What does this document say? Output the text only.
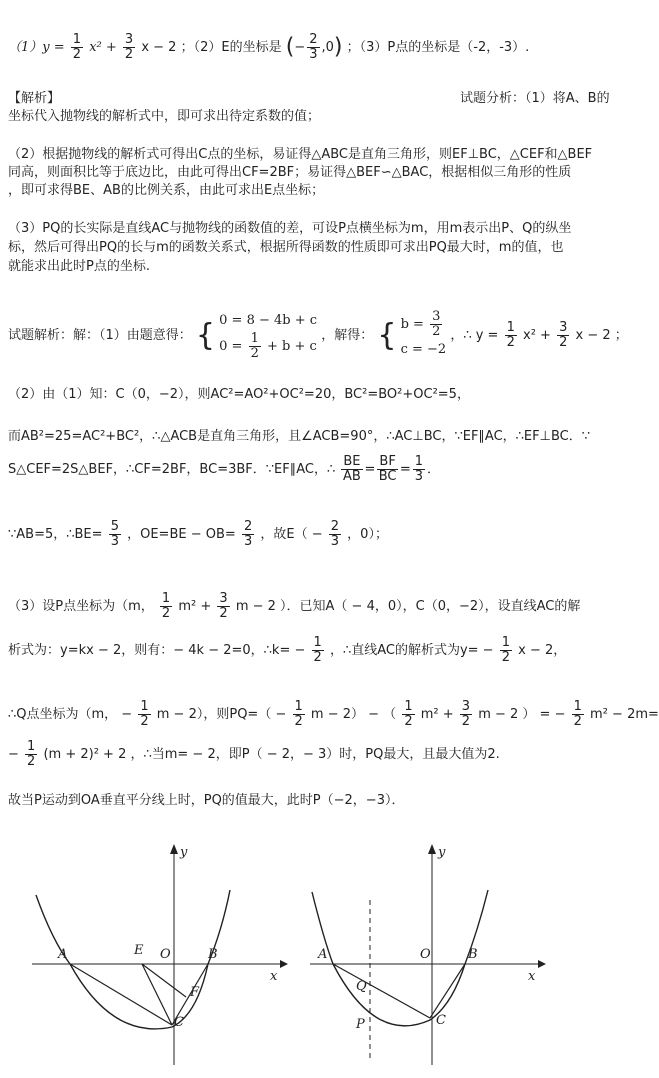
$(1)y = \frac{1}{2} x^2 + \frac{3}{2}$ x − 2 ；（2）E的坐标是 (− $\frac{2}{3} ,0$) ；（3）P点的坐标是（-2，-3）.
【解析】	试题分析：（1）将A、B的
坐标代入抛物线的解析式中，即可求出待定系数的值；
（2）根据抛物线的解析式可得出C点的坐标，易证得△ABC是直角三角形，则EF⊥BC，△CEF和△BEF
同高，则面积比等于底边比，由此可得出CF=2BF；易证得△BEF∽△BAC，根据相似三角形的性质
，即可求得BE、AB的比例关系，由此可求出E点坐标；
（3）PQ的长实际是直线AC与抛物线的函数值的差，可设P点横坐标为m，用m表示出P、Q的纵坐
标，然后可得出PQ的长与m的函数关系式，根据所得函数的性质即可求出PQ最大时，m的值，也
就能求出此时P点的坐标.
试题解析：解：（1）由题意得： { 0 = 8 − 4b + c
$0 = \frac{1}{2} + b + c$
，解得： { $b = \frac{3}{2}$
c = −2
，∴ $y = \frac{1}{2} x^2 + \frac{3}{2}$ x − 2 ；
（2）由（1）知：C（0，−2），则AC²=AO²+OC²=20，BC²=BO²+OC²=5，
而AB²=25=AC²+BC²，∴△ACB是直角三角形，且∠ACB=90°，∴AC⊥BC，∵EF∥AC，∴EF⊥BC．∵
S△CEF=2S△BEF，∴CF=2BF，BC=3BF．∵EF∥AC，∴ $\frac{BE}{AB} = \frac{BF}{BC} = \frac{1}{3}$ ．
∵AB=5，∴BE= $\frac{5}{3}$ ，$OE=BE - OB= \frac{2}{3}$ ，故$E( - \frac{2}{3}$ ，0）；
（3）设P点坐标为（m， $\frac{1}{2} m^2 + \frac{3}{2}$ m − 2 ）．已知A（ − 4，0），C（0，−2），设直线AC的解
析式为：y=kx − 2，则有：− 4k − 2=0，∴k= − $\frac{1}{2}$ ，∴直线AC的解析式为$y= - \frac{1}{2}$ x − 2，
∴Q点坐标为（m， − $\frac{1}{2}$ m − 2），则$PQ=( - \frac{1}{2}$ m − 2） − （ $\frac{1}{2} m^2 + \frac{3}{2}$ m − 2 ） = − $\frac{1}{2} m^2 - 2m=$
− $\frac{1}{2} (m + 2)^2 + 2$ ，∴当m= − 2，即P（ − 2，− 3）时，PQ最大，且最大值为2.
故当P运动到OA垂直平分线上时，PQ的值最大，此时P（−2，−3）．
y
x
A	E O	B
F
C
y
x
A	O	B
Q
P	C
